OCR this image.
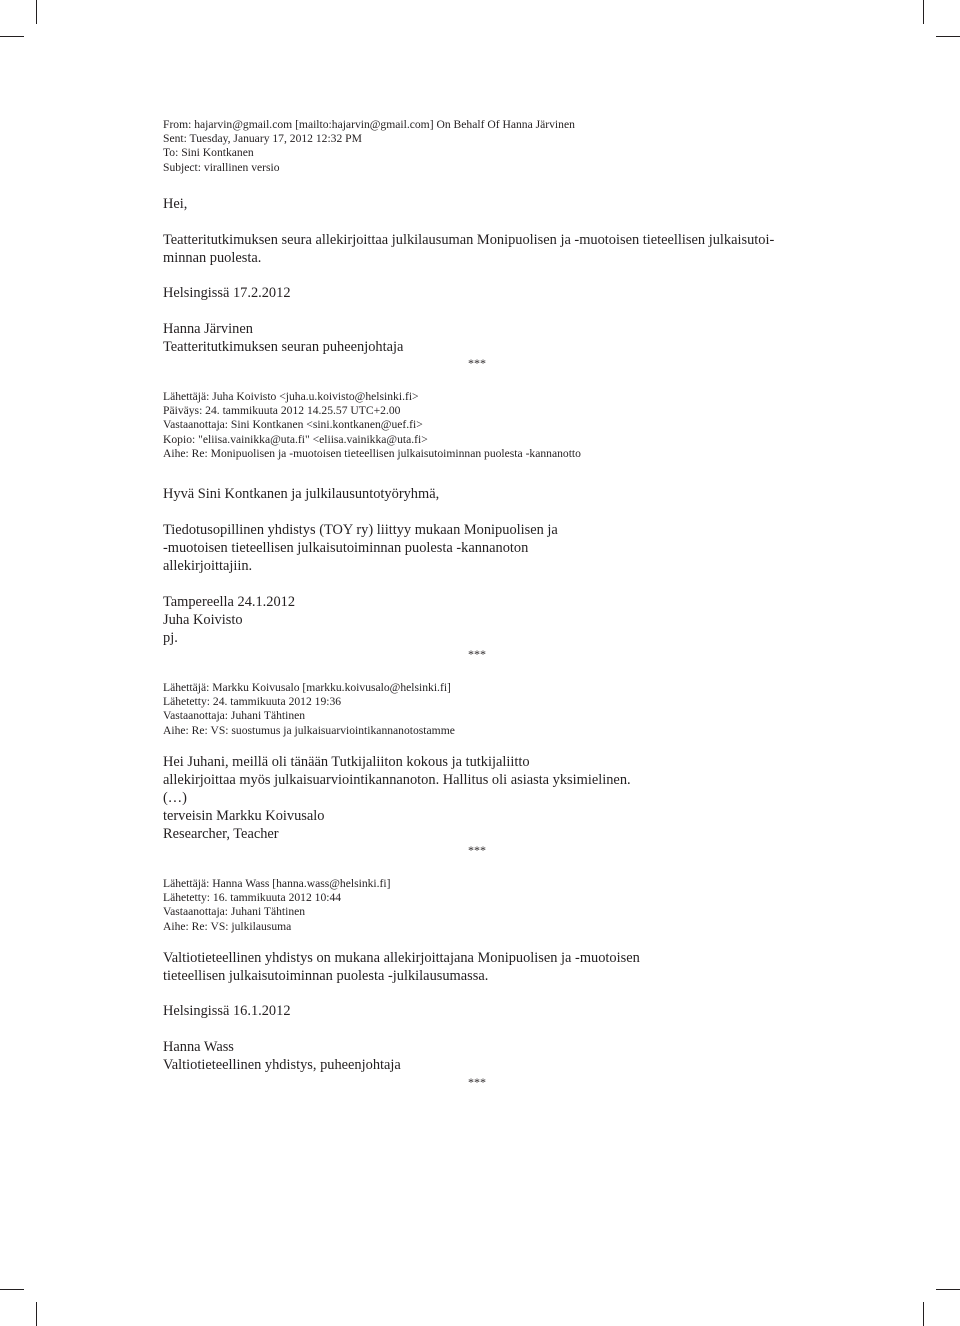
From: hajarvin@gmail.com [mailto:hajarvin@gmail.com] On Behalf Of Hanna Järvinen
Sent: Tuesday, January 17, 2012 12:32 PM
To: Sini Kontkanen
Subject: virallinen versio
Hei,
Teatteritutkimuksen seura allekirjoittaa julkilausuman Monipuolisen ja -muotoisen tieteellisen julkaisutoi-
minnan puolesta.
Helsingissä 17.2.2012
Hanna Järvinen
Teatteritutkimuksen seuran puheenjohtaja
***
Lähettäjä: Juha Koivisto <juha.u.koivisto@helsinki.fi>
Päiväys: 24. tammikuuta 2012 14.25.57 UTC+2.00
Vastaanottaja: Sini Kontkanen <sini.kontkanen@uef.fi>
Kopio: "eliisa.vainikka@uta.fi" <eliisa.vainikka@uta.fi>
Aihe: Re: Monipuolisen ja -muotoisen tieteellisen julkaisutoiminnan puolesta -kannanotto
Hyvä Sini Kontkanen ja julkilausuntotyöryhmä,
Tiedotusopillinen yhdistys (TOY ry) liittyy mukaan Monipuolisen ja
-muotoisen tieteellisen julkaisutoiminnan puolesta -kannanoton
allekirjoittajiin.
Tampereella 24.1.2012
Juha Koivisto
pj.
***
Lähettäjä: Markku Koivusalo [markku.koivusalo@helsinki.fi]
Lähetetty: 24. tammikuuta 2012 19:36
Vastaanottaja: Juhani Tähtinen
Aihe: Re: VS: suostumus ja julkaisuarviointikannanotostamme
Hei Juhani, meillä oli tänään Tutkijaliiton kokous ja tutkijaliitto
allekirjoittaa myös julkaisuarviointikannanoton. Hallitus oli asiasta yksimielinen.
(…)
terveisin Markku Koivusalo
Researcher, Teacher
***
Lähettäjä: Hanna Wass [hanna.wass@helsinki.fi]
Lähetetty: 16. tammikuuta 2012 10:44
Vastaanottaja: Juhani Tähtinen
Aihe: Re: VS: julkilausuma
Valtiotieteellinen yhdistys on mukana allekirjoittajana Monipuolisen ja -muotoisen
tieteellisen julkaisutoiminnan puolesta -julkilausumassa.
Helsingissä 16.1.2012
Hanna Wass
Valtiotieteellinen yhdistys, puheenjohtaja
***
